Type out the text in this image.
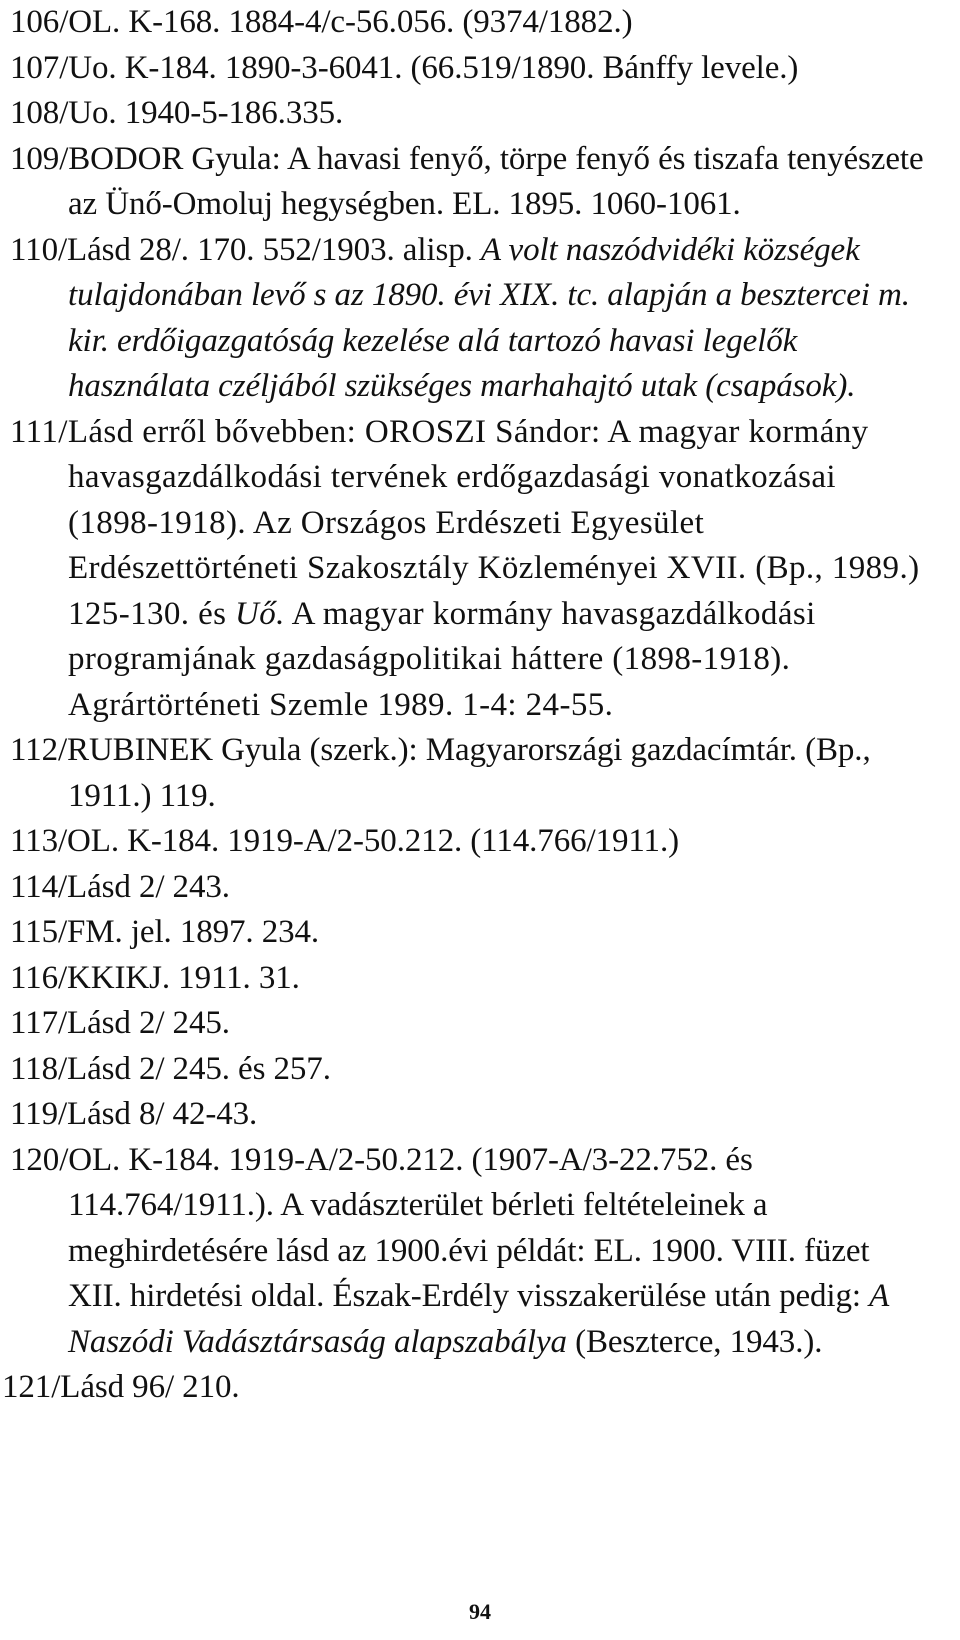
106/OL. K-168. 1884-4/c-56.056. (9374/1882.)
107/Uo. K-184. 1890-3-6041. (66.519/1890. Bánffy levele.)
108/Uo. 1940-5-186.335.
109/BODOR Gyula: A havasi fenyő, törpe fenyő és tiszafa tenyészete az Ünő-Omoluj hegységben. EL. 1895. 1060-1061.
110/Lásd 28/. 170. 552/1903. alisp. A volt naszódvidéki községek tulajdonában levő s az 1890. évi XIX. tc. alapján a besztercei m. kir. erdőigazgatóság kezelése alá tartozó havasi legelők használata czéljából szükséges marhahajtó utak (csapások).
111/Lásd erről bővebben: OROSZI Sándor: A magyar kormány havasgazdálkodási tervének erdőgazdasági vonatkozásai (1898-1918). Az Országos Erdészeti Egyesület Erdészettörténeti Szakosztály Közleményei XVII. (Bp., 1989.) 125-130. és Uő. A magyar kormány havasgazdálkodási programjának gazdaságpolitikai háttere (1898-1918). Agrártörténeti Szemle 1989. 1-4: 24-55.
112/RUBINEK Gyula (szerk.): Magyarországi gazdacímtár. (Bp., 1911.) 119.
113/OL. K-184. 1919-A/2-50.212. (114.766/1911.)
114/Lásd 2/ 243.
115/FM. jel. 1897. 234.
116/KKIKJ. 1911. 31.
117/Lásd 2/ 245.
118/Lásd 2/ 245. és 257.
119/Lásd 8/ 42-43.
120/OL. K-184. 1919-A/2-50.212. (1907-A/3-22.752. és 114.764/1911.). A vadászterület bérleti feltételeinek a meghirdetésére lásd az 1900.évi példát: EL. 1900. VIII. füzet XII. hirdetési oldal. Észak-Erdély visszakerülése után pedig: A Naszódi Vadásztársaság alapszabálya (Beszterce, 1943.).
121/Lásd 96/ 210.
94
